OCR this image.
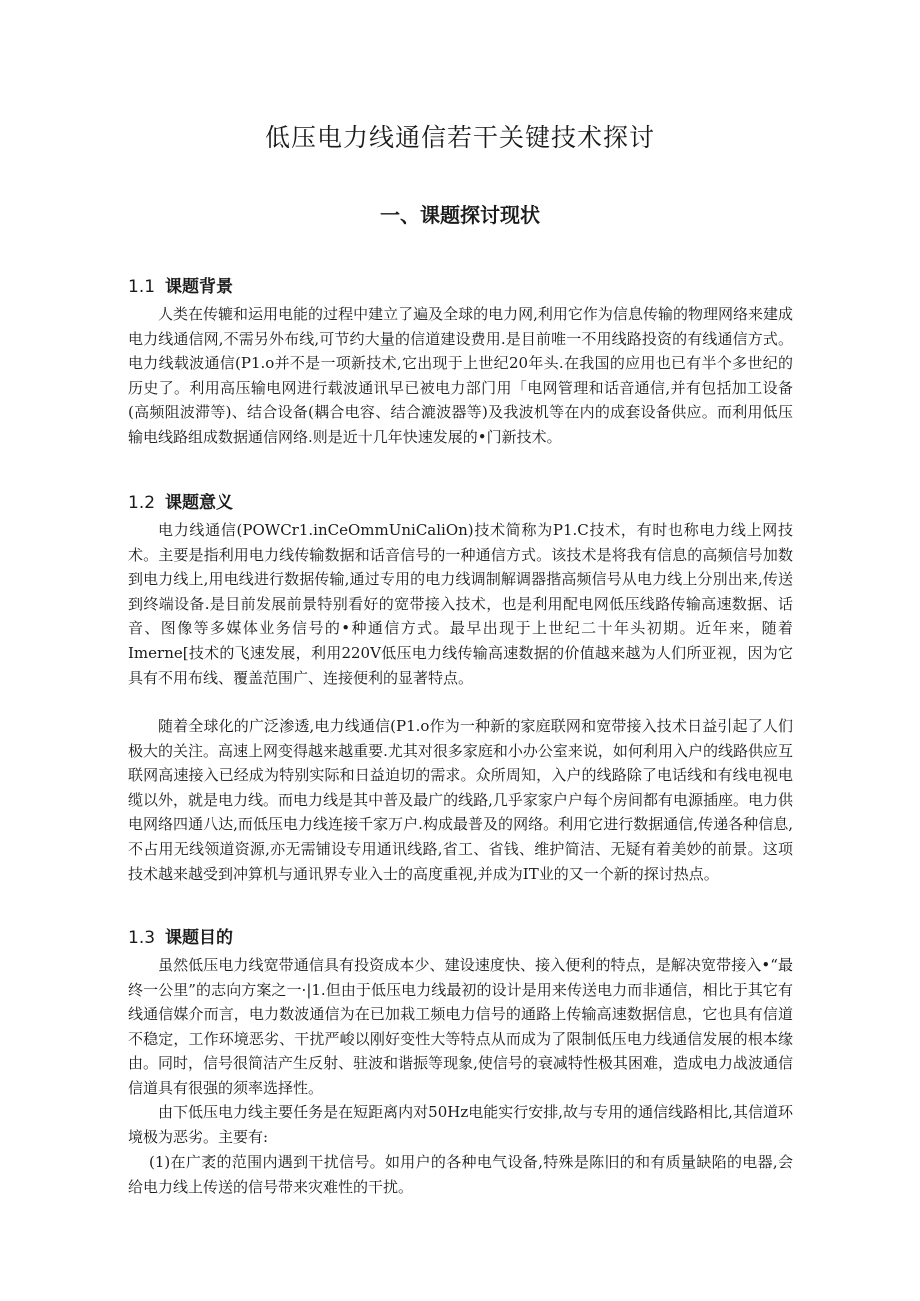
低压电力线通信若干关键技术探讨
一、课题探讨现状
1.1 课题背景

人类在传辘和运用电能的过程中建立了遍及全球的电力网,利用它作为信息传输的物理网络来建成电力线通信网,不需另外布线,可节约大量的信道建设费用.是目前唯一不用线路投资的有线通信方式。电力线载波通信(P1.o并不是一项新技术,它出现于上世纪20年头.在我国的应用也已有半个多世纪的历史了。利用高压输电网进行载波通讯早已被电力部门用「电网管理和话音通信,并有包括加工设备(高频阻波滞等)、结合设备(耦合电容、结合漉波器等)及我波机等在内的成套设备供应。而利用低压输电线路组成数据通信网络.则是近十几年快速发展的•门新技术。

1.2 课题意义

电力线通信(POWCr1.inCeOmmUniCaliOn)技术简称为P1.C技术，有时也称电力线上网技术。主要是指利用电力线传输数据和话音信号的一种通信方式。该技术是将我有信息的高频信号加数到电力线上,用电线进行数据传输,通过专用的电力线调制解调器揩高频信号从电力线上分別出来,传送到终端设备.是目前发展前景特别看好的宽带接入技术，也是利用配电网低压线路传输高速数据、话音、图像等多媒体业务信号的•种通信方式。最早出现于上世纪二十年头初期。近年来，随着Imerne[技术的飞速发展，利用220V低压电力线传输高速数据的价值越来越为人们所亚视，因为它具有不用布线、覆盖范围广、连接便利的显著特点。

随着全球化的广泛渗透,电力线通信(P1.o作为一种新的家庭联网和宽带接入技术日益引起了人们极大的关注。高速上网变得越来越重要.尤其对很多家庭和小办公室来说，如何利用入户的线路供应互联网高速接入已经成为特别实际和日益迫切的需求。众所周知，入户的线路除了电话线和有线电视电缆以外，就是电力线。而电力线是其中普及最广的线路,几乎家家户户每个房间都有电源插座。电力供电网络四通八达,而低压电力线连接千家万户.构成最普及的网络。利用它进行数据通信,传递各种信息,不占用无线领道资源,亦无需铺设专用通讯线路,省工、省钱、维护简洁、无疑有着美妙的前景。这项技术越来越受到冲算机与通讯界专业入士的高度重视,并成为IT业的又一个新的探讨热点。

1.3 课题目的

虽然低压电力线宽带通信具有投资成本少、建设速度快、接入便利的特点，是解决宽带接入•“最终一公里”的志向方案之一·|1.但由于低压电力线最初的设计是用来传送电力而非通信，相比于其它有线通信媒介而言，电力数波通信为在已加栽工频电力信号的通路上传输高速数据信息，它也具有信道不稳定，工作环境恶劣、干扰严峻以刚好变性大等特点从而成为了限制低压电力线通信发展的根本缘由。同时，信号很简洁产生反射、驻波和谐振等现象,使信号的衰减特性极其困难，造成电力战波通信信道具有很强的须率选择性。

由下低压电力线主要任务是在短距离内对50Hz电能实行安排,故与专用的通信线路相比,其信道环境极为恶劣。主要有:

(1)在广袤的范围内遇到干扰信号。如用户的各种电气设备,特殊是陈旧的和有质量缺陷的电器,会给电力线上传送的信号带来灾难性的干扰。
